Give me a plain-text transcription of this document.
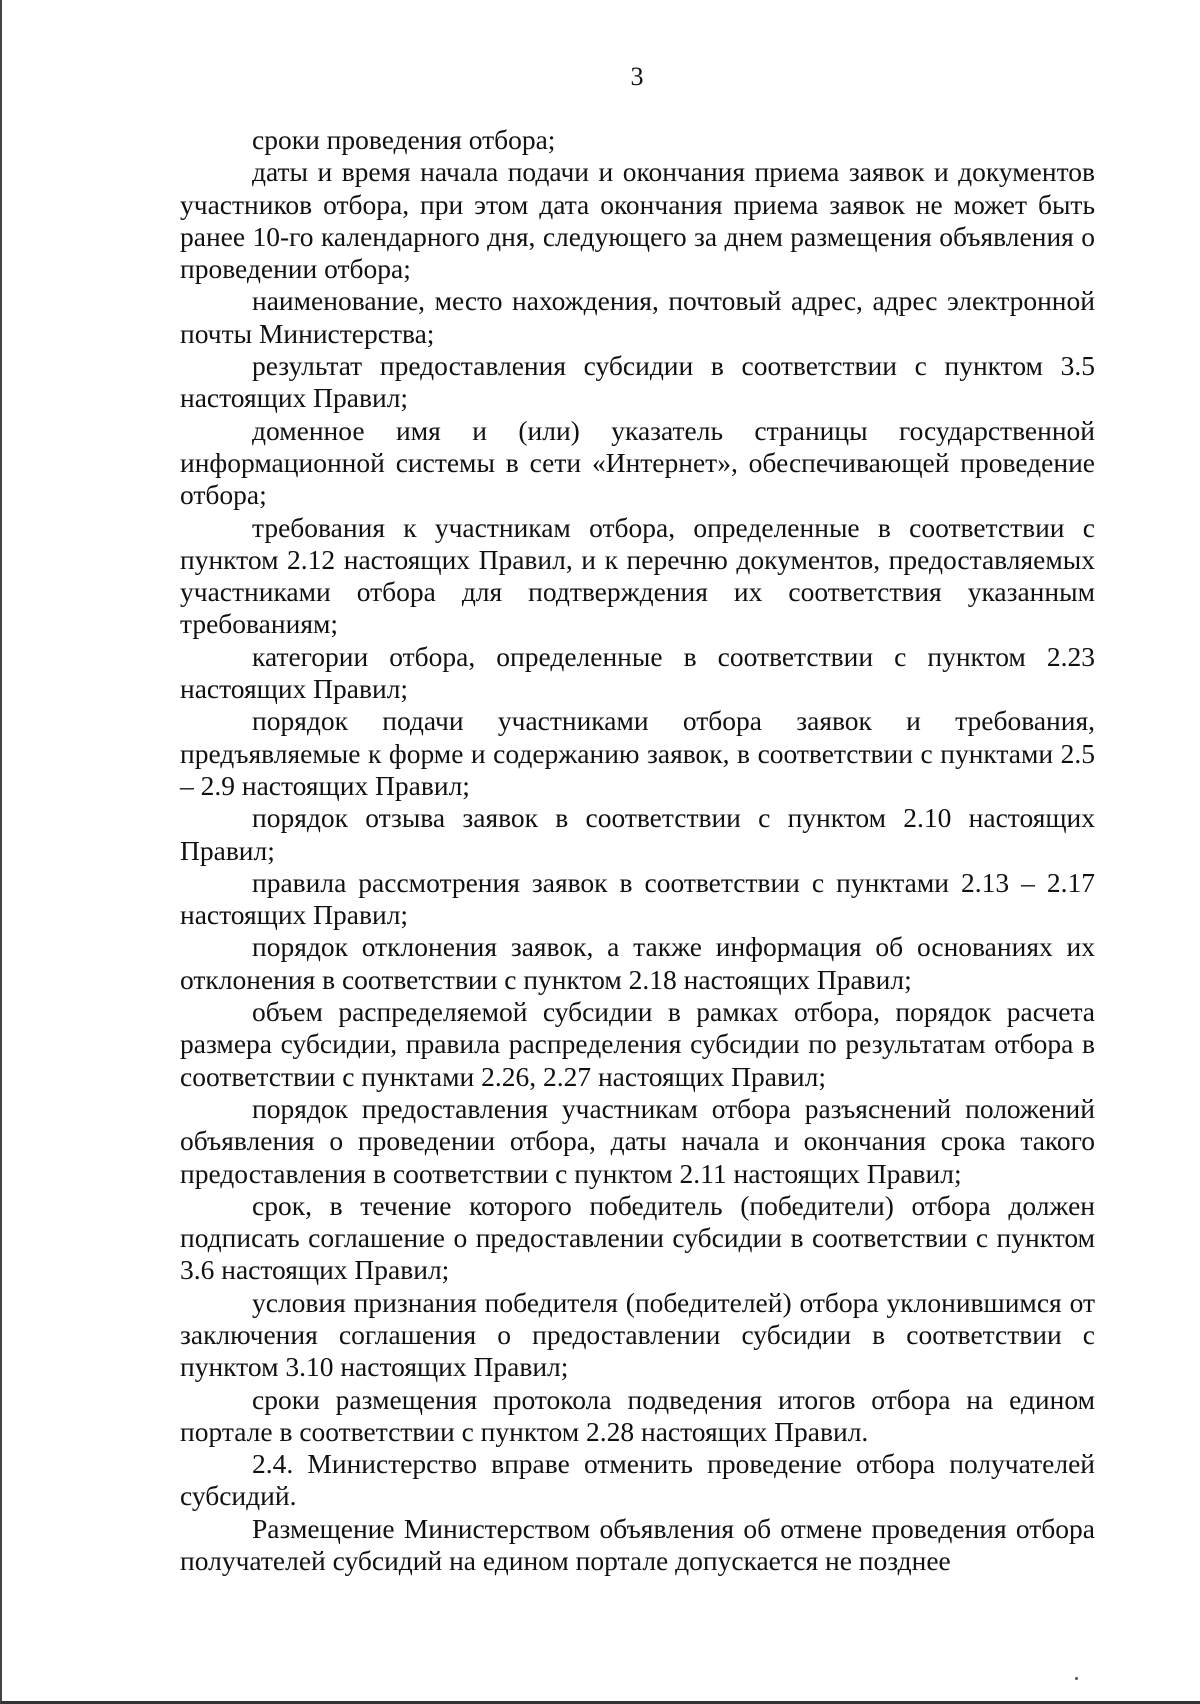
3

сроки проведения отбора;

даты и время начала подачи и окончания приема заявок и документов участников отбора, при этом дата окончания приема заявок не может быть ранее 10-го календарного дня, следующего за днем размещения объявления о проведении отбора;

наименование, место нахождения, почтовый адрес, адрес электронной почты Министерства;

результат предоставления субсидии в соответствии с пунктом 3.5 настоящих Правил;

доменное имя и (или) указатель страницы государственной информационной системы в сети «Интернет», обеспечивающей проведение отбора;

требования к участникам отбора, определенные в соответствии с пунктом 2.12 настоящих Правил, и к перечню документов, предоставляемых участниками отбора для подтверждения их соответствия указанным требованиям;

категории отбора, определенные в соответствии с пунктом 2.23 настоящих Правил;

порядок подачи участниками отбора заявок и требования, предъявляемые к форме и содержанию заявок, в соответствии с пунктами 2.5 – 2.9 настоящих Правил;

порядок отзыва заявок в соответствии с пунктом 2.10 настоящих Правил;

правила рассмотрения заявок в соответствии с пунктами 2.13 – 2.17 настоящих Правил;

порядок отклонения заявок, а также информация об основаниях их отклонения в соответствии с пунктом 2.18 настоящих Правил;

объем распределяемой субсидии в рамках отбора, порядок расчета размера субсидии, правила распределения субсидии по результатам отбора в соответствии с пунктами 2.26, 2.27 настоящих Правил;

порядок предоставления участникам отбора разъяснений положений объявления о проведении отбора, даты начала и окончания срока такого предоставления в соответствии с пунктом 2.11 настоящих Правил;

срок, в течение которого победитель (победители) отбора должен подписать соглашение о предоставлении субсидии в соответствии с пунктом 3.6 настоящих Правил;

условия признания победителя (победителей) отбора уклонившимся от заключения соглашения о предоставлении субсидии в соответствии с пунктом 3.10 настоящих Правил;

сроки размещения протокола подведения итогов отбора на едином портале в соответствии с пунктом 2.28 настоящих Правил.

2.4. Министерство вправе отменить проведение отбора получателей субсидий.

Размещение Министерством объявления об отмене проведения отбора получателей субсидий на едином портале допускается не позднее
